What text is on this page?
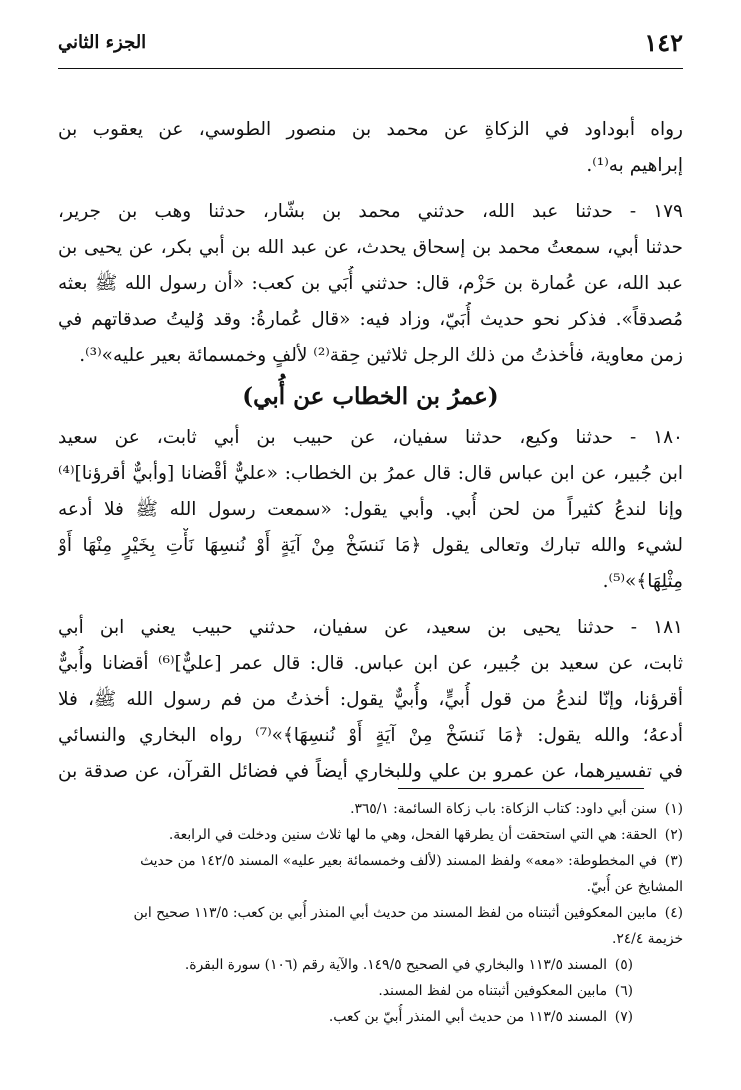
١٤٢
الجزء الثاني
رواه أبوداود في الزكاةِ عن محمد بن منصور الطوسي، عن يعقوب بن
إبراهيم به⁽¹⁾.
١٧٩ - حدثنا عبد الله، حدثني محمد بن بشّار، حدثنا وهب بن جرير،
حدثنا أبي، سمعتُ محمد بن إسحاق يحدث، عن عبد الله بن أبي بكر، عن يحيى بن
عبد الله، عن عُمارة بن حَزْم، قال: حدثني أُبَي بن كعب: «أن رسول الله ﷺ بعثه
مُصدقاً». فذكر نحو حديث أُبَيّ، وزاد فيه: «قال عُمارةُ: وقد وُليتُ صدقاتهم في
زمن معاوية، فأخذتُ من ذلك الرجل ثلاثين حِقة⁽²⁾ لألفٍ وخمسمائة بعير عليه»⁽³⁾.
(عمرُ بن الخطاب عن أُبي)
١٨٠ - حدثنا وكيع، حدثنا سفيان، عن حبيب بن أبي ثابت، عن سعيد
ابن جُبير، عن ابن عباس قال: قال عمرُ بن الخطاب: «عليٌّ أقْضانا [وأبيٌّ أقرؤنا]⁽⁴⁾
وإنا لندعُ كثيراً من لحن أُبي. وأبي يقول: «سمعت رسول الله ﷺ فلا أدعه
لشيء والله تبارك وتعالى يقول ﴿مَا نَنسَخْ مِنْ آيَةٍ أَوْ نُنسِهَا نَأْتِ بِخَيْرٍ مِنْهَا أَوْ
مِثْلِهَا﴾»⁽⁵⁾.
١٨١ - حدثنا يحيى بن سعيد، عن سفيان، حدثني حبيب يعني ابن أبي
ثابت، عن سعيد بن جُبير، عن ابن عباس. قال: قال عمر [عليٌّ]⁽⁶⁾ أقضانا وأُبيٌّ
أقرؤنا، وإنّا لندعُ من قول أُبيٍّ، وأُبيٌّ يقول: أخذتُ من فم رسول الله ﷺ، فلا
أدعهُ؛ والله يقول: ﴿مَا نَنسَخْ مِنْ آيَةٍ أَوْ نُنسِهَا﴾»⁽⁷⁾ رواه البخاري والنسائي
في تفسيرهما، عن عمرو بن علي وللبخاري أيضاً في فضائل القرآن، عن صدقة بن
(١)سنن أبي داود: كتاب الزكاة: باب زكاة السائمة: ٣٦٥/١.
(٢)الحقة: هي التي استحقت أن يطرقها الفحل، وهي ما لها ثلاث سنين ودخلت في الرابعة.
(٣)في المخطوطة: «معه» ولفظ المسند (لألف وخمسمائة بعير عليه» المسند ١٤٢/٥ من حديث
المشايخ عن أُبيّ.
(٤)مابين المعكوفين أثبتناه من لفظ المسند من حديث أبي المنذر أُبي بن كعب: ١١٣/٥ صحيح ابن
خزيمة ٢٤/٤.
(٥)المسند ١١٣/٥ والبخاري في الصحيح ١٤٩/٥. والآية رقم (١٠٦) سورة البقرة.
(٦)مابين المعكوفين أثبتناه من لفظ المسند.
(٧)المسند ١١٣/٥ من حديث أبي المنذر أُبيّ بن كعب.
